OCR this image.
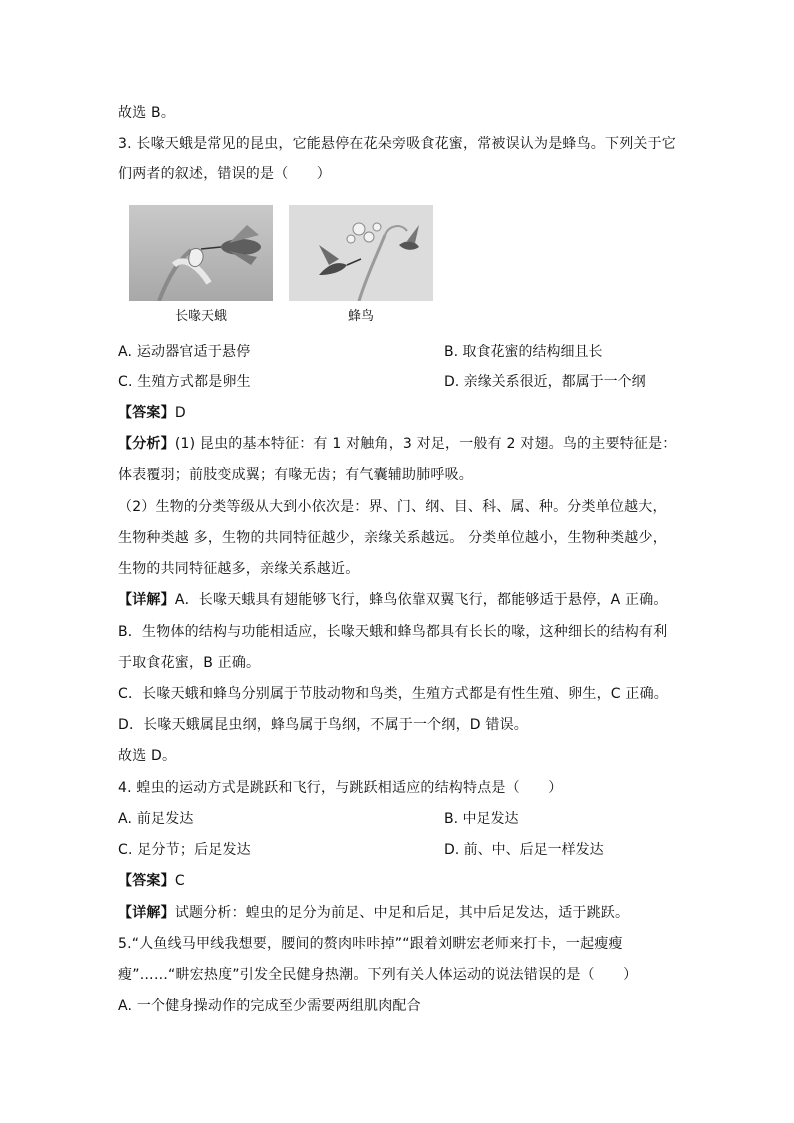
故选 B。
3. 长喙天蛾是常见的昆虫，它能悬停在花朵旁吸食花蜜，常被误认为是蜂鸟。下列关于它
们两者的叙述，错误的是（　　）
长喙天蛾	蜂鸟
A. 运动器官适于悬停	B. 取食花蜜的结构细且长
C. 生殖方式都是卵生	D. 亲缘关系很近，都属于一个纲
【答案】D
【分析】(1) 昆虫的基本特征：有 1 对触角，3 对足，一般有 2 对翅。鸟的主要特征是：
体表覆羽；前肢变成翼；有喙无齿；有气囊辅助肺呼吸。
（2）生物的分类等级从大到小依次是：界、门、纲、目、科、属、种。分类单位越大，
生物种类越 多，生物的共同特征越少，亲缘关系越远。 分类单位越小，生物种类越少，
生物的共同特征越多，亲缘关系越近。
【详解】A．长喙天蛾具有翅能够飞行，蜂鸟依靠双翼飞行，都能够适于悬停，A 正确。
B．生物体的结构与功能相适应，长喙天蛾和蜂鸟都具有长长的喙，这种细长的结构有利
于取食花蜜，B 正确。
C．长喙天蛾和蜂鸟分别属于节肢动物和鸟类，生殖方式都是有性生殖、卵生，C 正确。
D．长喙天蛾属昆虫纲，蜂鸟属于鸟纲，不属于一个纲，D 错误。
故选 D。
4. 蝗虫的运动方式是跳跃和飞行，与跳跃相适应的结构特点是（　　）
A. 前足发达	B. 中足发达
C. 足分节；后足发达	D. 前、中、后足一样发达
【答案】C
【详解】试题分析：蝗虫的足分为前足、中足和后足，其中后足发达，适于跳跃。
5.“人鱼线马甲线我想要，腰间的赘肉咔咔掉”“跟着刘畊宏老师来打卡，一起瘦瘦
瘦”……“畊宏热度”引发全民健身热潮。下列有关人体运动的说法错误的是（　　）
A. 一个健身操动作的完成至少需要两组肌肉配合
